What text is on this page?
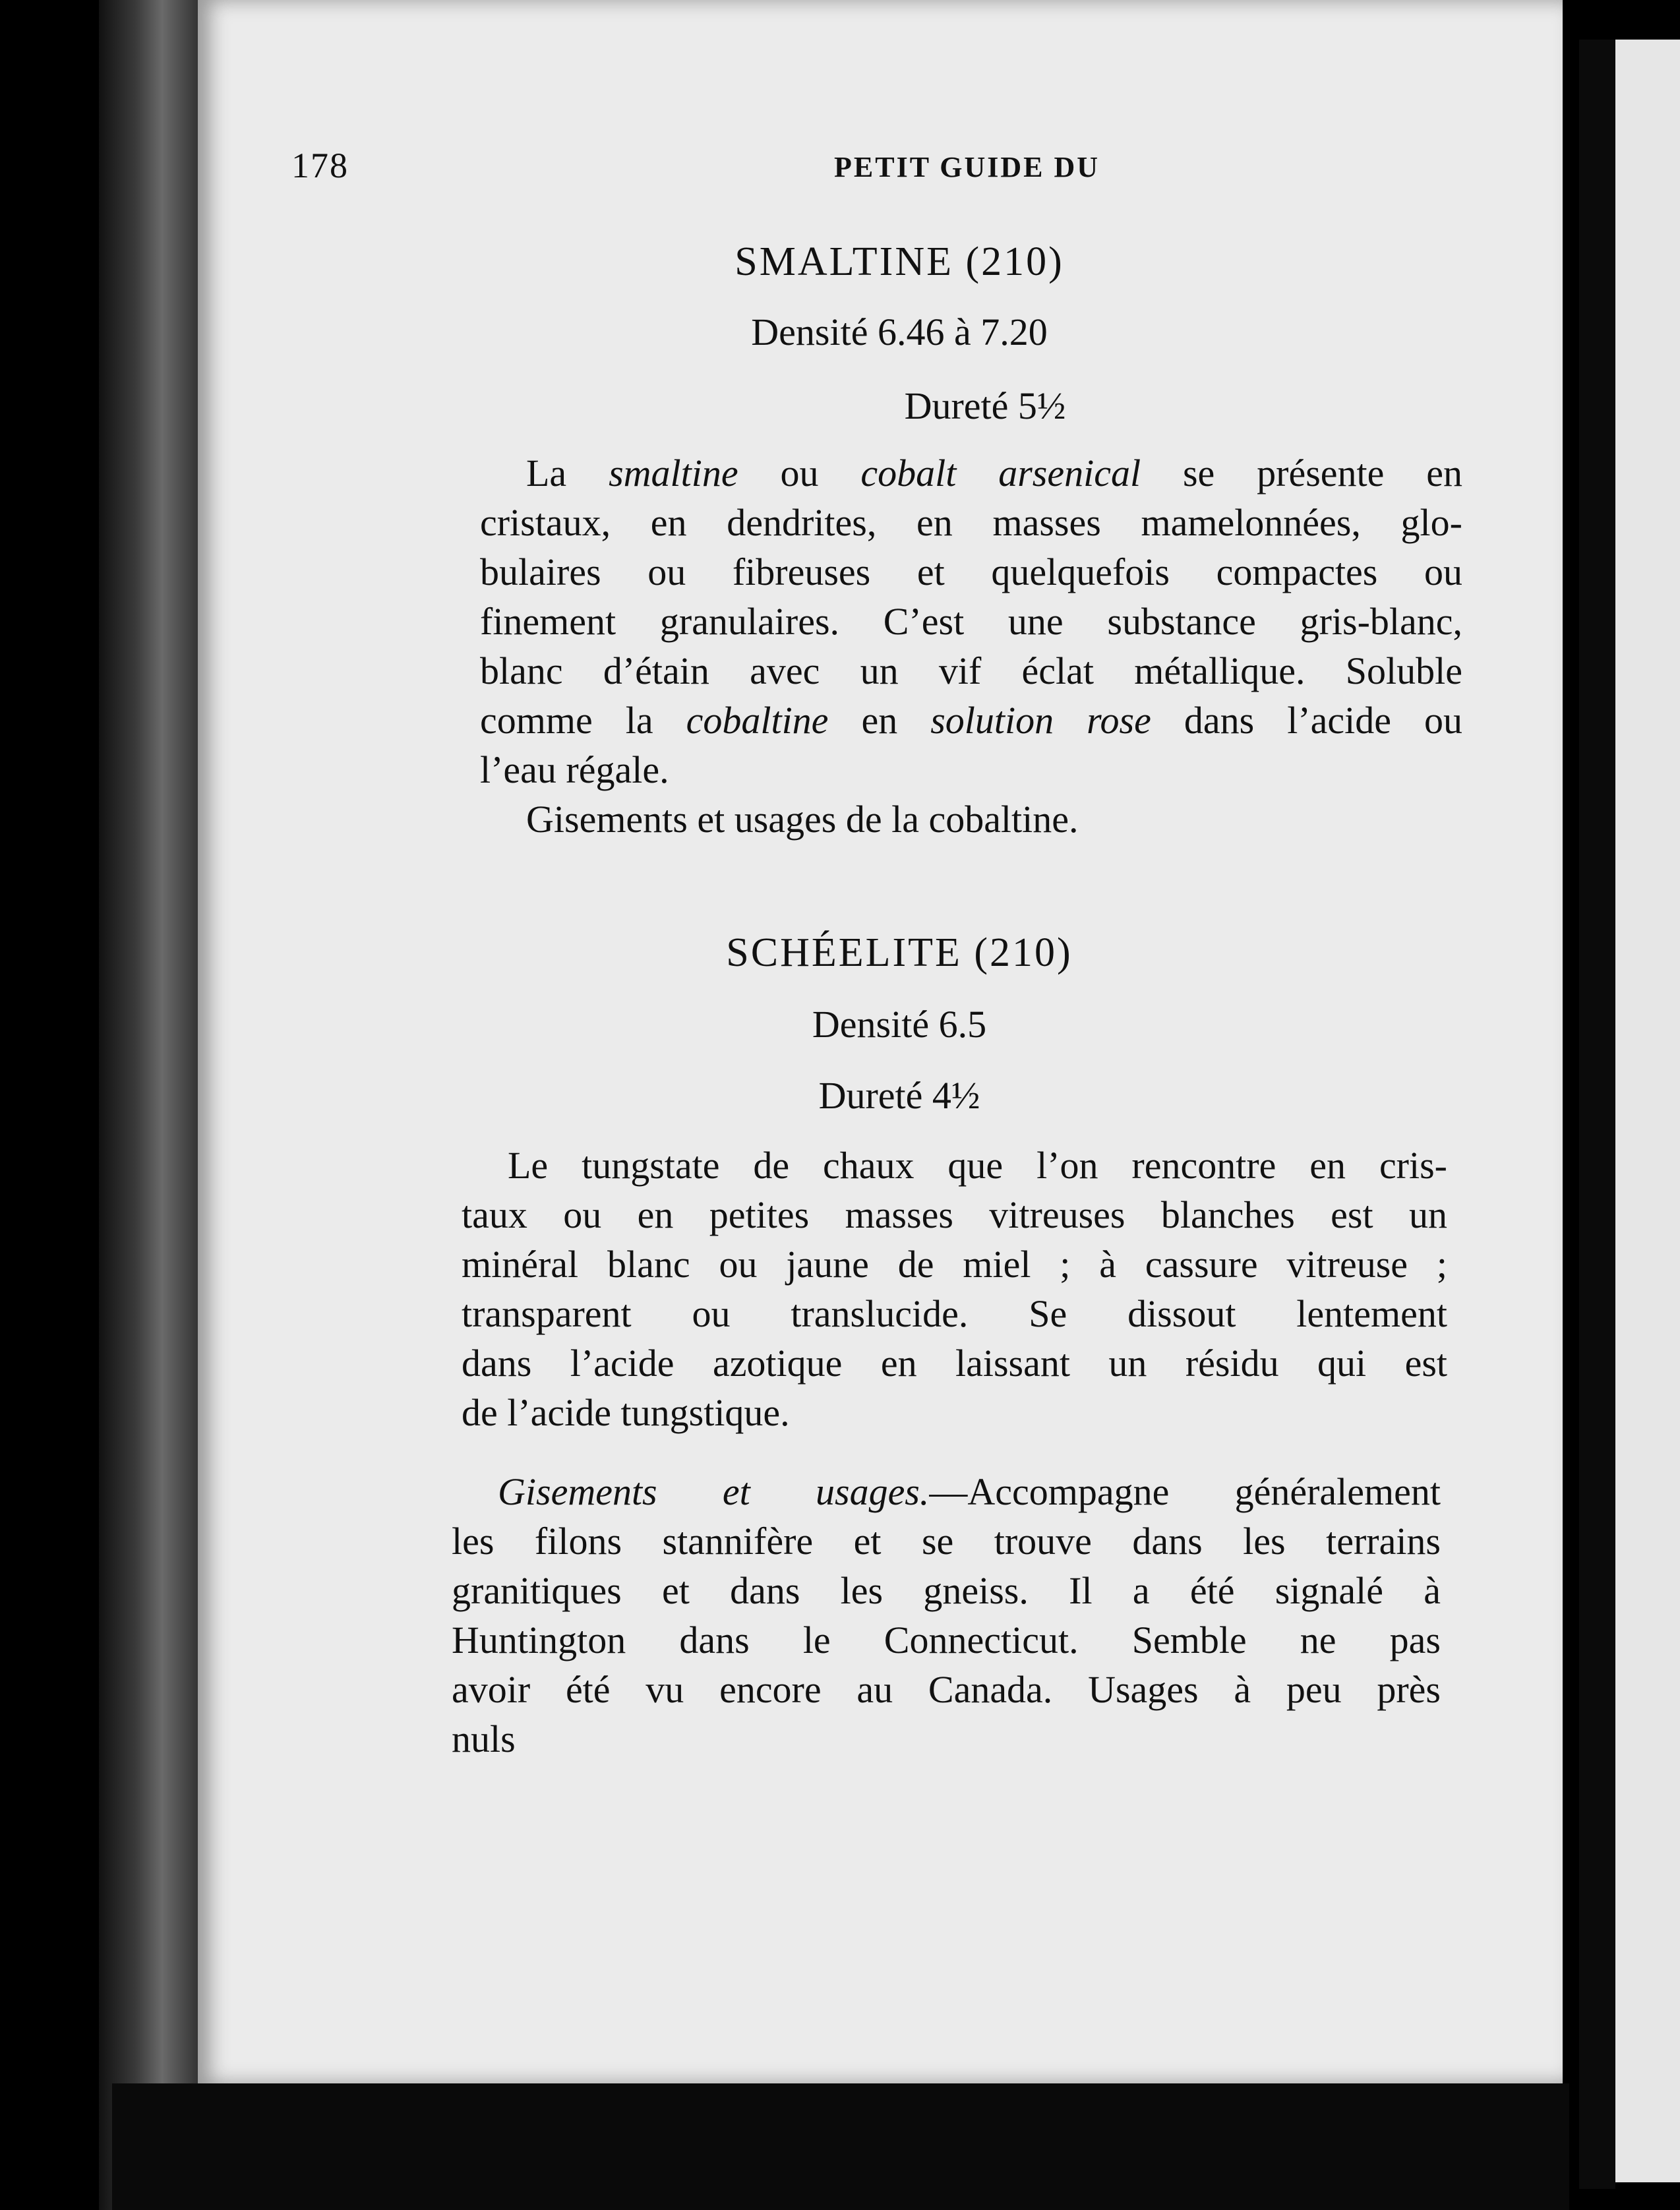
178	PETIT GUIDE DU
SMALTINE (210)
Densité 6.46 à 7.20
Dureté 5½
La smaltine ou cobalt arsenical se présente en
cristaux, en dendrites, en masses mamelonnées, glo-
bulaires ou fibreuses et quelquefois compactes ou
finement granulaires. C’est une substance gris-blanc,
blanc d’étain avec un vif éclat métallique. Soluble
comme la cobaltine en solution rose dans l’acide ou
l’eau régale.
Gisements et usages de la cobaltine.
SCHÉELITE (210)
Densité 6.5
Dureté 4½
Le tungstate de chaux que l’on rencontre en cris-
taux ou en petites masses vitreuses blanches est un
minéral blanc ou jaune de miel ; à cassure vitreuse ;
transparent ou translucide. Se dissout lentement
dans l’acide azotique en laissant un résidu qui est
de l’acide tungstique.
Gisements et usages.—Accompagne généralement
les filons stannifère et se trouve dans les terrains
granitiques et dans les gneiss. Il a été signalé à
Huntington dans le Connecticut. Semble ne pas
avoir été vu encore au Canada. Usages à peu près
nuls
